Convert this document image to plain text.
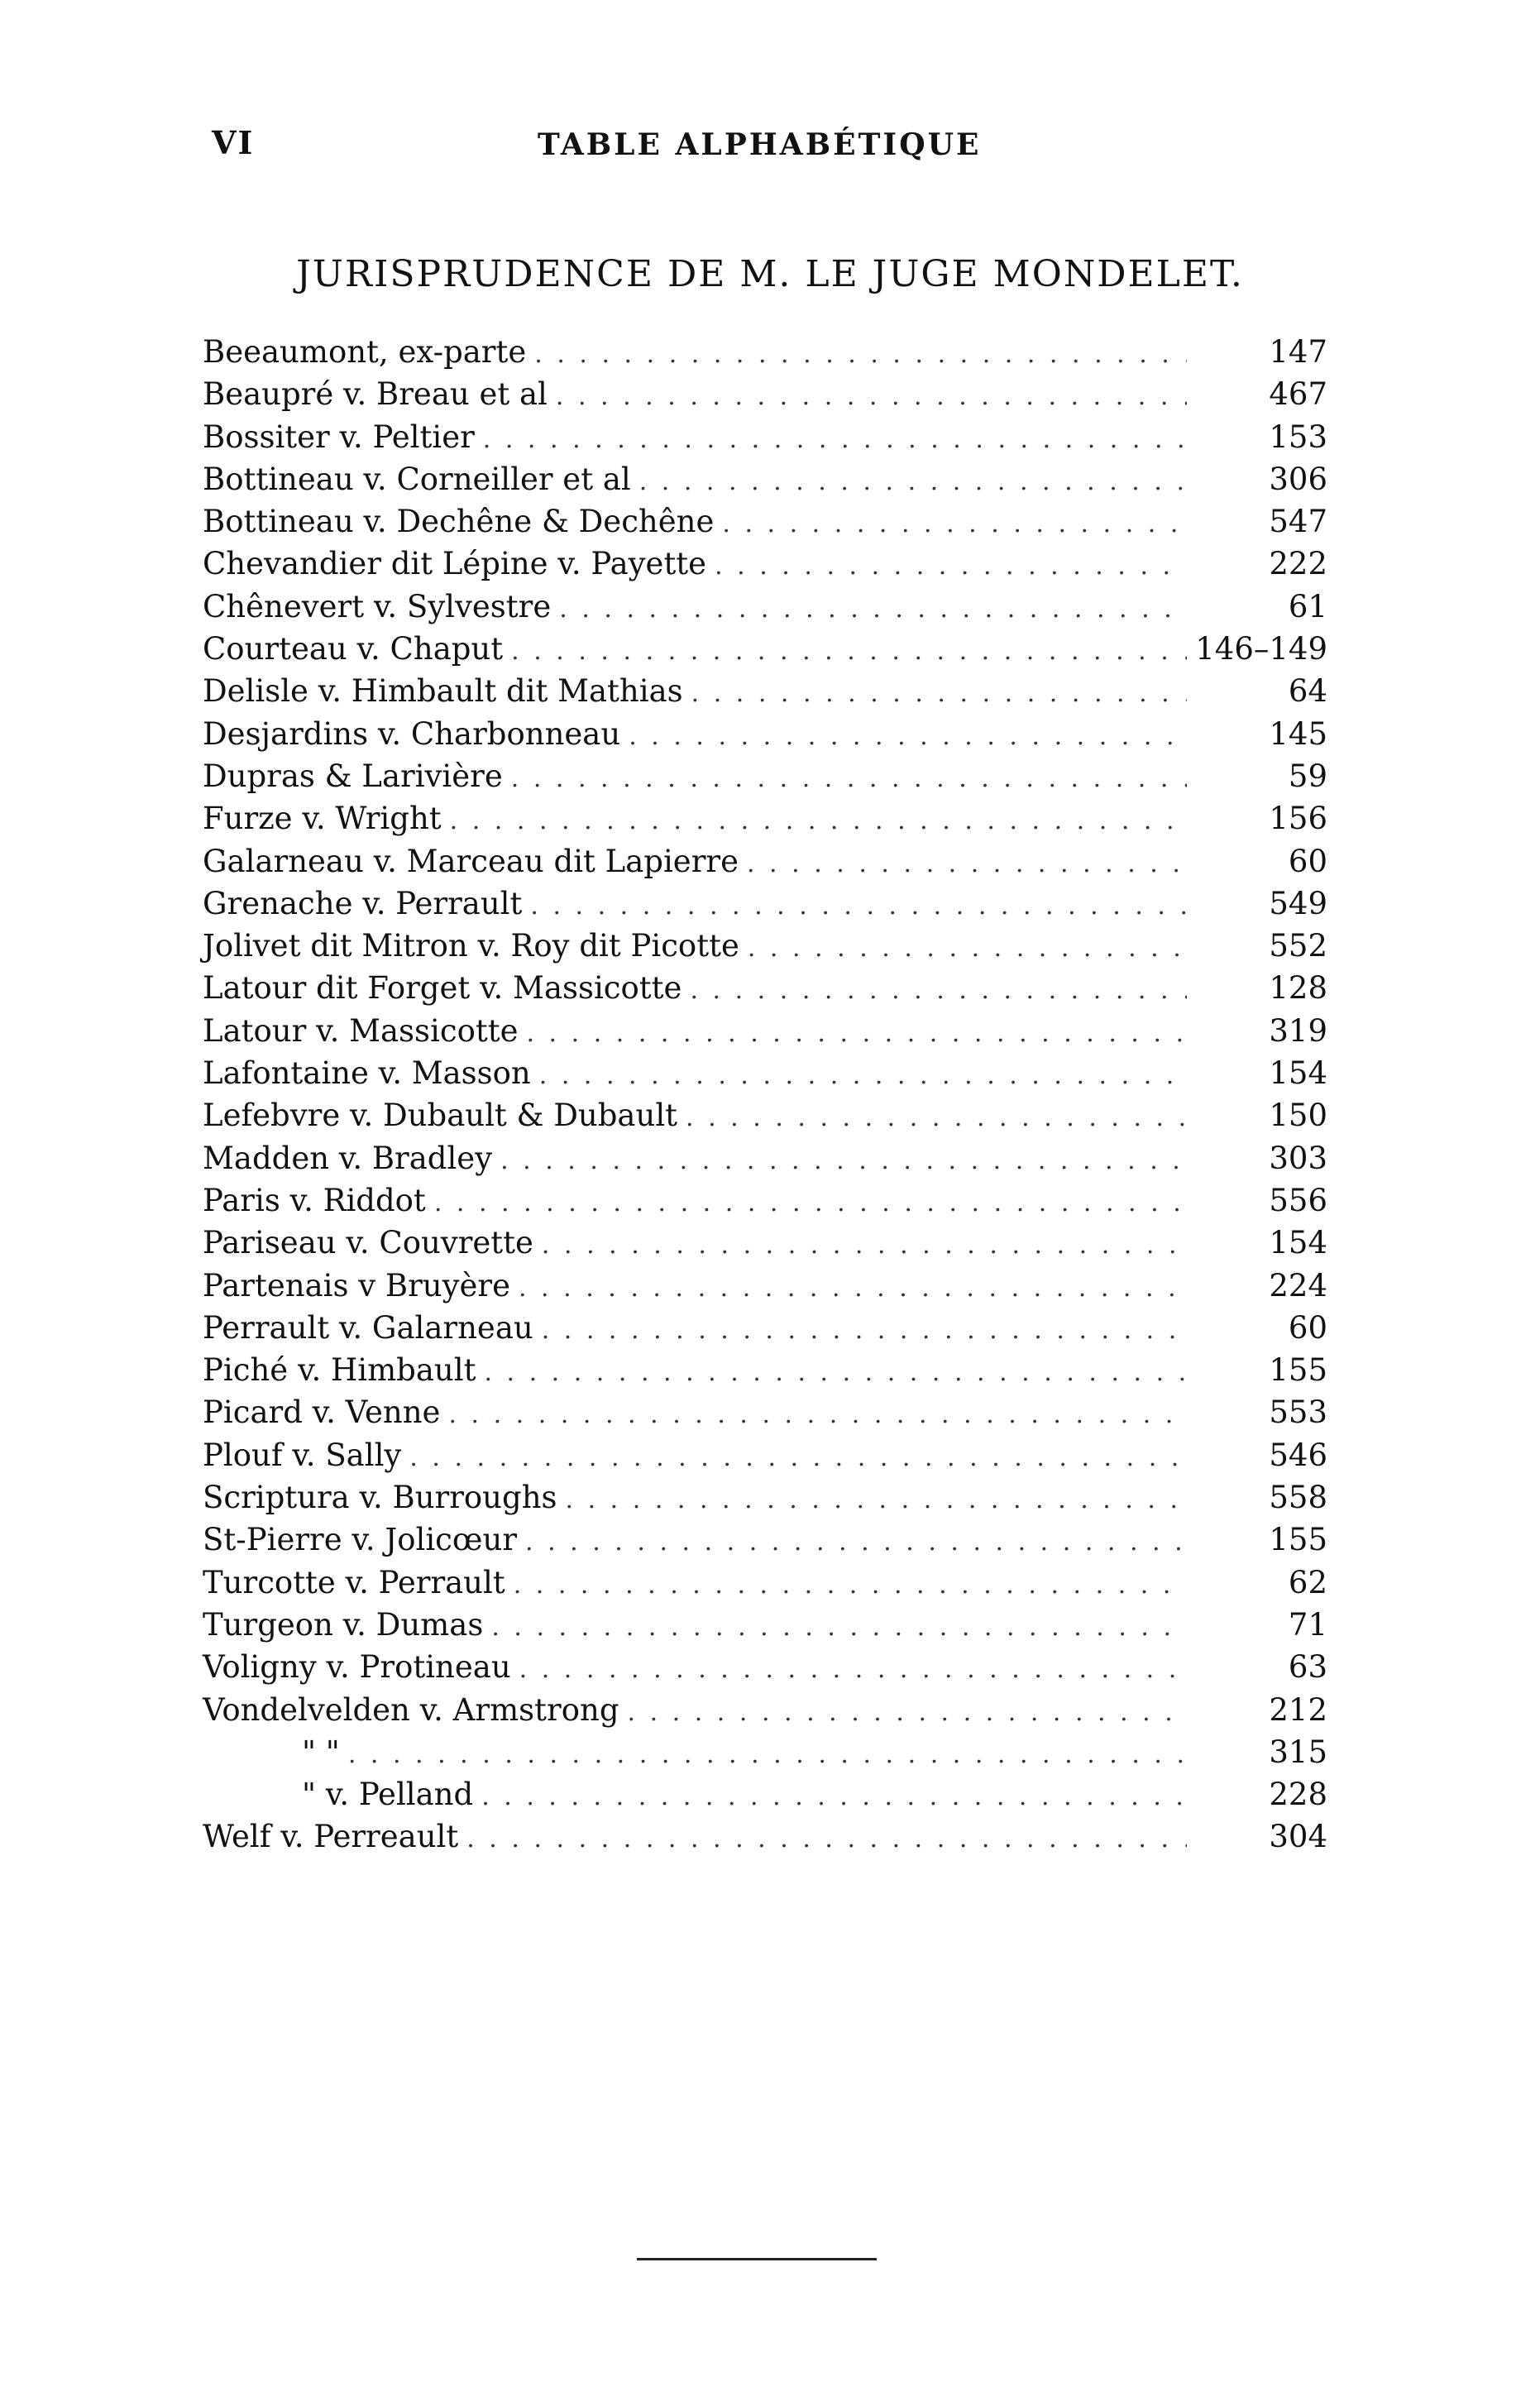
VI	TABLE ALPHABÉTIQUE
JURISPRUDENCE DE M. LE JUGE MONDELET.
Beeaumont, ex-parte . . .	147
Beaupré v. Breau et al . . .	467
Bossiter v. Peltier . . .	153
Bottineau v. Corneiller et al . . .	306
Bottineau v. Dechêne & Dechêne . . .	547
Chevandier dit Lépine v. Payette . . .	222
Chênevert v. Sylvestre . . .	61
Courteau v. Chaput . . .	146–149
Delisle v. Himbault dit Mathias . . .	64
Desjardins v. Charbonneau . . .	145
Dupras & Larivière . . .	59
Furze v. Wright . . .	156
Galarneau v. Marceau dit Lapierre . . .	60
Grenache v. Perrault . . .	549
Jolivet dit Mitron v. Roy dit Picotte . . .	552
Latour dit Forget v. Massicotte . . .	128
Latour v. Massicotte . . .	319
Lafontaine v. Masson . . .	154
Lefebvre v. Dubault & Dubault . . .	150
Madden v. Bradley . . .	303
Paris v. Riddot . . .	556
Pariseau v. Couvrette . . .	154
Partenais v Bruyère . . .	224
Perrault v. Galarneau . . .	60
Piché v. Himbault . . .	155
Picard v. Venne . . .	553
Plouf v. Sally . . .	546
Scriptura v. Burroughs . . .	558
St-Pierre v. Jolicœur . . .	155
Turcotte v. Perrault . . .	62
Turgeon v. Dumas . . .	71
Voligny v. Protineau . . .	63
Vondelvelden v. Armstrong . . .	212
" " . . .	315
" v. Pelland . . .	228
Welf v. Perreault . . .	304
